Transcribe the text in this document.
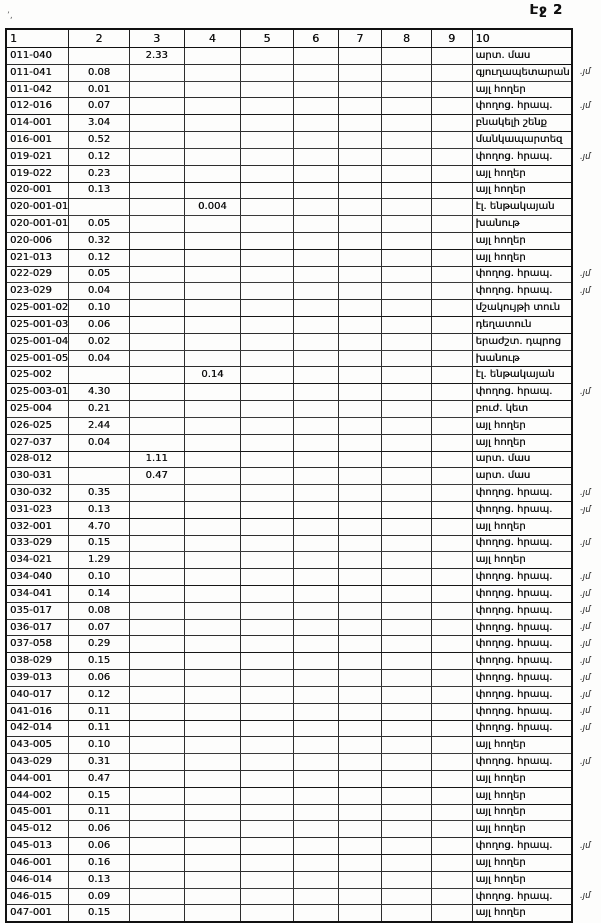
Էջ 2
’,
1	2	3	4	5	6	7	8	9	10	
011-040		2.33							արտ. մաս	
011-041	0.08								գյուղապետարան	.յմ
011-042	0.01								այլ հողեր	
012-016	0.07								փողոց. հրապ.	.յմ
014-001	3.04								բնակելի շենք	
016-001	0.52								մանկապարտեզ	
019-021	0.12								փողոց. հրապ.	.յմ
019-022	0.23								այլ հողեր	
020-001	0.13								այլ հողեր	
020-001-01			0.004						էլ. ենթակայան	
020-001-01	0.05								խանութ	
020-006	0.32								այլ հողեր	
021-013	0.12								այլ հողեր	
022-029	0.05								փողոց. հրապ.	.յմ
023-029	0.04								փողոց. հրապ.	.յմ
025-001-02	0.10								մշակույթի տուն	
025-001-03	0.06								դեղատուն	
025-001-04	0.02								երաժշտ. դպրոց	
025-001-05	0.04								խանութ	
025-002			0.14						էլ. ենթակայան	
025-003-01	4.30								փողոց. հրապ.	.յմ
025-004	0.21								բուժ. կետ	
026-025	2.44								այլ հողեր	
027-037	0.04								այլ հողեր	
028-012		1.11							արտ. մաս	
030-031		0.47							արտ. մաս	
030-032	0.35								փողոց. հրապ.	.յմ
031-023	0.13								փողոց. հրապ.	-յմ
032-001	4.70								այլ հողեր	
033-029	0.15								փողոց. հրապ.	.յմ
034-021	1.29								այլ հողեր	
034-040	0.10								փողոց. հրապ.	.յմ
034-041	0.14								փողոց. հրապ.	.յմ
035-017	0.08								փողոց. հրապ.	.յմ
036-017	0.07								փողոց. հրապ.	.յմ
037-058	0.29								փողոց. հրապ.	.յմ
038-029	0.15								փողոց. հրապ.	.յմ
039-013	0.06								փողոց. հրապ.	.յմ
040-017	0.12								փողոց. հրապ.	.յմ
041-016	0.11								փողոց. հրապ.	.յմ
042-014	0.11								փողոց. հրապ.	.յմ
043-005	0.10								այլ հողեր	
043-029	0.31								փողոց. հրապ.	.յմ
044-001	0.47								այլ հողեր	
044-002	0.15								այլ հողեր	
045-001	0.11								այլ հողեր	
045-012	0.06								այլ հողեր	
045-013	0.06								փողոց. հրապ.	.յմ
046-001	0.16								այլ հողեր	
046-014	0.13								այլ հողեր	
046-015	0.09								փողոց. հրապ.	.յմ
047-001	0.15								այլ հողեր	
